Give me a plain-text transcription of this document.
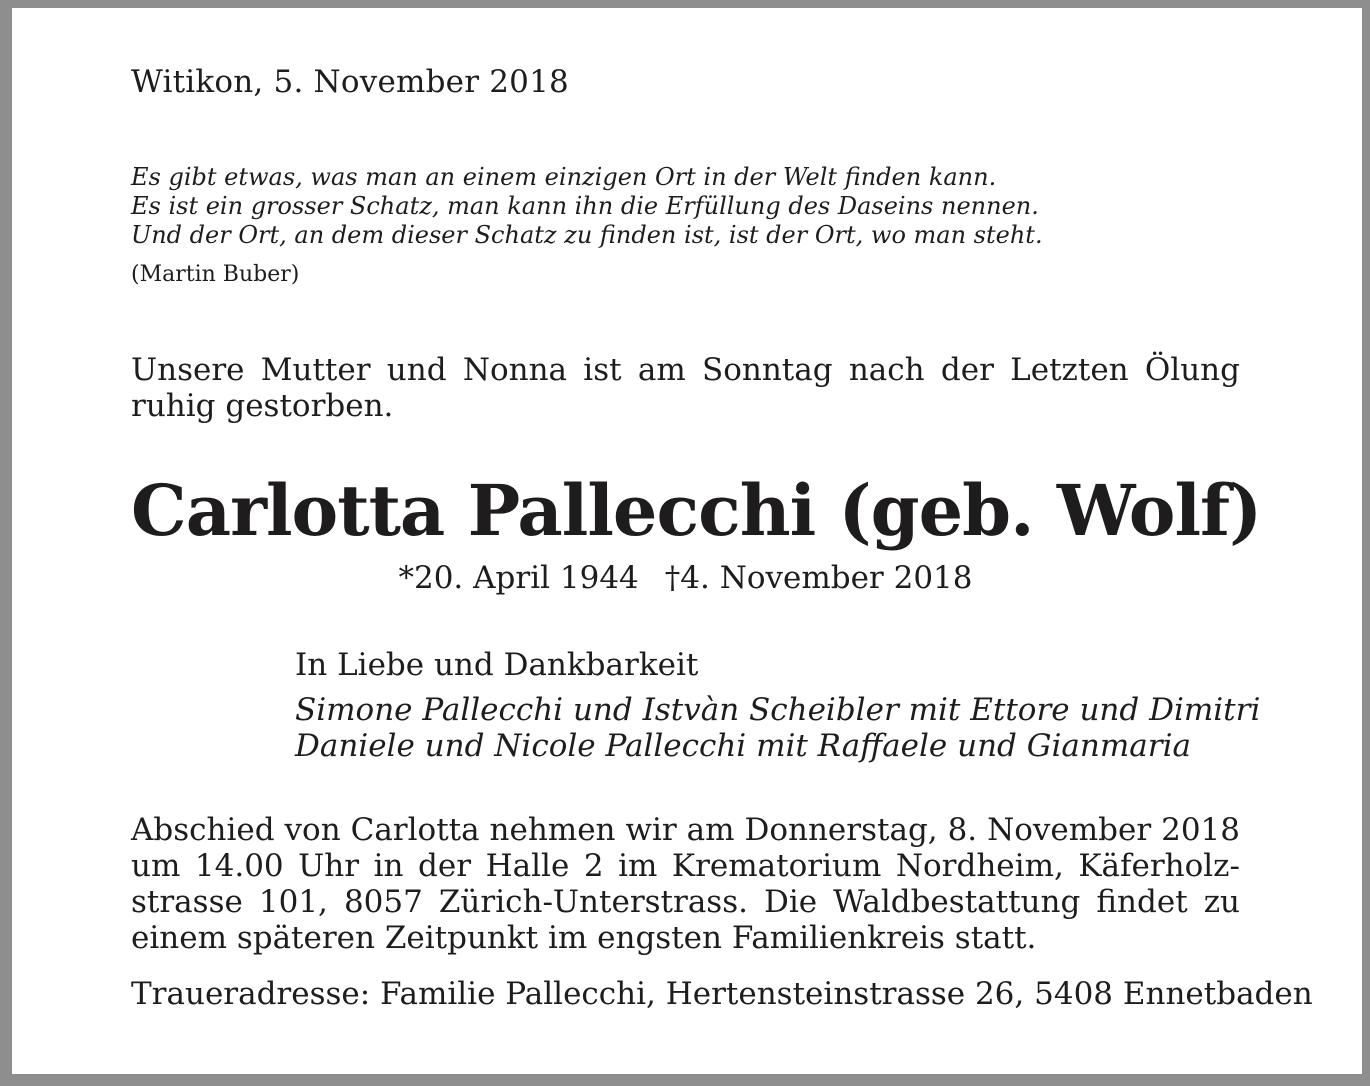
Witikon, 5. November 2018
Es gibt etwas, was man an einem einzigen Ort in der Welt finden kann.
Es ist ein grosser Schatz, man kann ihn die Erfüllung des Daseins nennen.
Und der Ort, an dem dieser Schatz zu finden ist, ist der Ort, wo man steht.
(Martin Buber)
Unsere Mutter und Nonna ist am Sonntag nach der Letzten Ölung ruhig gestorben.
Carlotta Pallecchi (geb. Wolf)
*20. April 1944 †4. November 2018
In Liebe und Dankbarkeit
Simone Pallecchi und Istvàn Scheibler mit Ettore und Dimitri
Daniele und Nicole Pallecchi mit Raffaele und Gianmaria
Abschied von Carlotta nehmen wir am Donnerstag, 8. November 2018 um 14.00 Uhr in der Halle 2 im Krematorium Nordheim, Käferholz-strasse 101, 8057 Zürich-Unterstrass. Die Waldbestattung findet zu einem späteren Zeitpunkt im engsten Familienkreis statt.
Traueradresse: Familie Pallecchi, Hertensteinstrasse 26, 5408 Ennetbaden
